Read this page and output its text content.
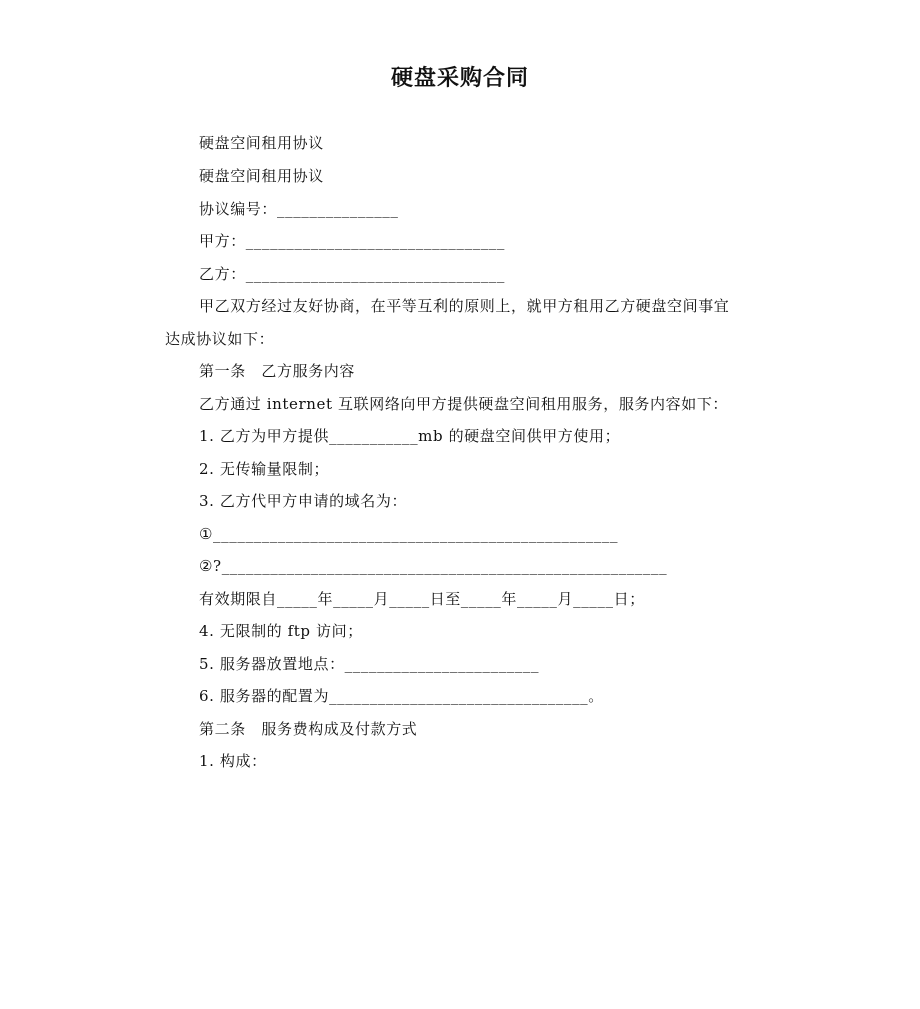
硬盘采购合同
硬盘空间租用协议
硬盘空间租用协议
协议编号：_______________
甲方：________________________________
乙方：________________________________
甲乙双方经过友好协商，在平等互利的原则上，就甲方租用乙方硬盘空间事宜
达成协议如下：
第一条　乙方服务内容
乙方通过 internet 互联网络向甲方提供硬盘空间租用服务，服务内容如下：
1. 乙方为甲方提供___________mb 的硬盘空间供甲方使用；
2. 无传输量限制；
3. 乙方代甲方申请的域名为：
①__________________________________________________
②?_______________________________________________________
有效期限自_____年_____月_____日至_____年_____月_____日；
4. 无限制的 ftp 访问；
5. 服务器放置地点：________________________
6. 服务器的配置为________________________________。
第二条　服务费构成及付款方式
1. 构成：
